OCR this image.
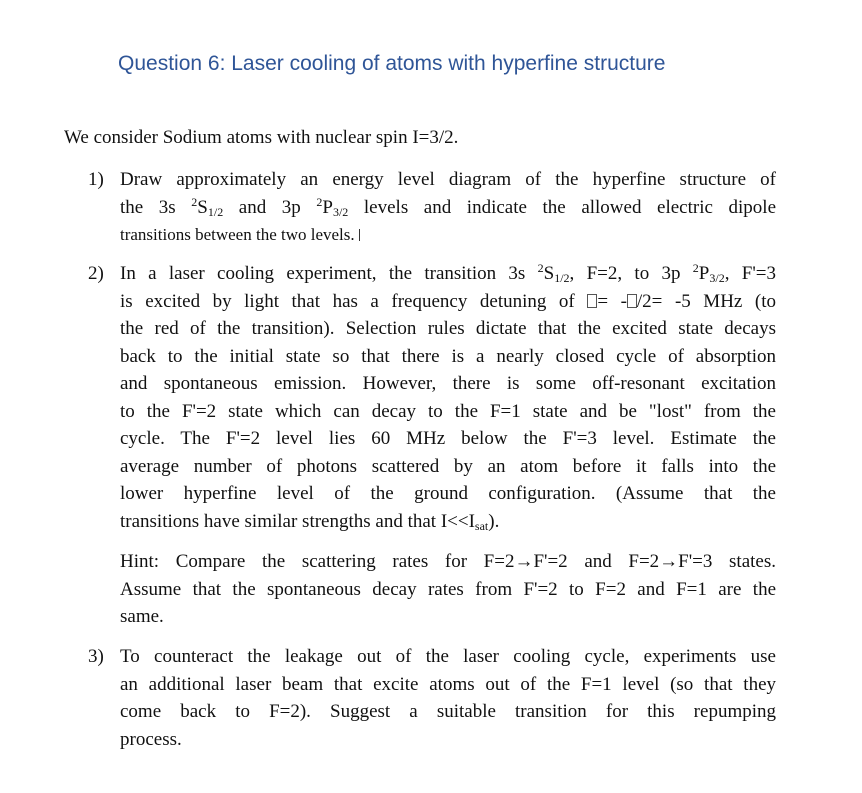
Question 6: Laser cooling of atoms with hyperfine structure
We consider Sodium atoms with nuclear spin I=3/2.
1) Draw approximately an energy level diagram of the hyperfine structure of
the 3s $^2S_{1/2}$ and 3p $^2P_{3/2}$ levels and indicate the allowed electric dipole
transitions between the two levels.
2) In a laser cooling experiment, the transition 3s $^2S_{1/2}$, F=2, to 3p $^2P_{3/2}$, F'=3
is excited by light that has a frequency detuning of = - /2= -5 MHz (to
the red of the transition). Selection rules dictate that the excited state decays
back to the initial state so that there is a nearly closed cycle of absorption
and spontaneous emission. However, there is some off-resonant excitation
to the F'=2 state which can decay to the F=1 state and be "lost" from the
cycle. The F'=2 level lies 60 MHz below the F'=3 level. Estimate the
average number of photons scattered by an atom before it falls into the
lower hyperfine level of the ground configuration. (Assume that the
transitions have similar strengths and that $I<<I_{sat}$).
Hint: Compare the scattering rates for F=2→F'=2 and F=2→F'=3 states.
Assume that the spontaneous decay rates from F'=2 to F=2 and F=1 are the
same.
3) To counteract the leakage out of the laser cooling cycle, experiments use
an additional laser beam that excite atoms out of the F=1 level (so that they
come back to F=2). Suggest a suitable transition for this repumping
process.
